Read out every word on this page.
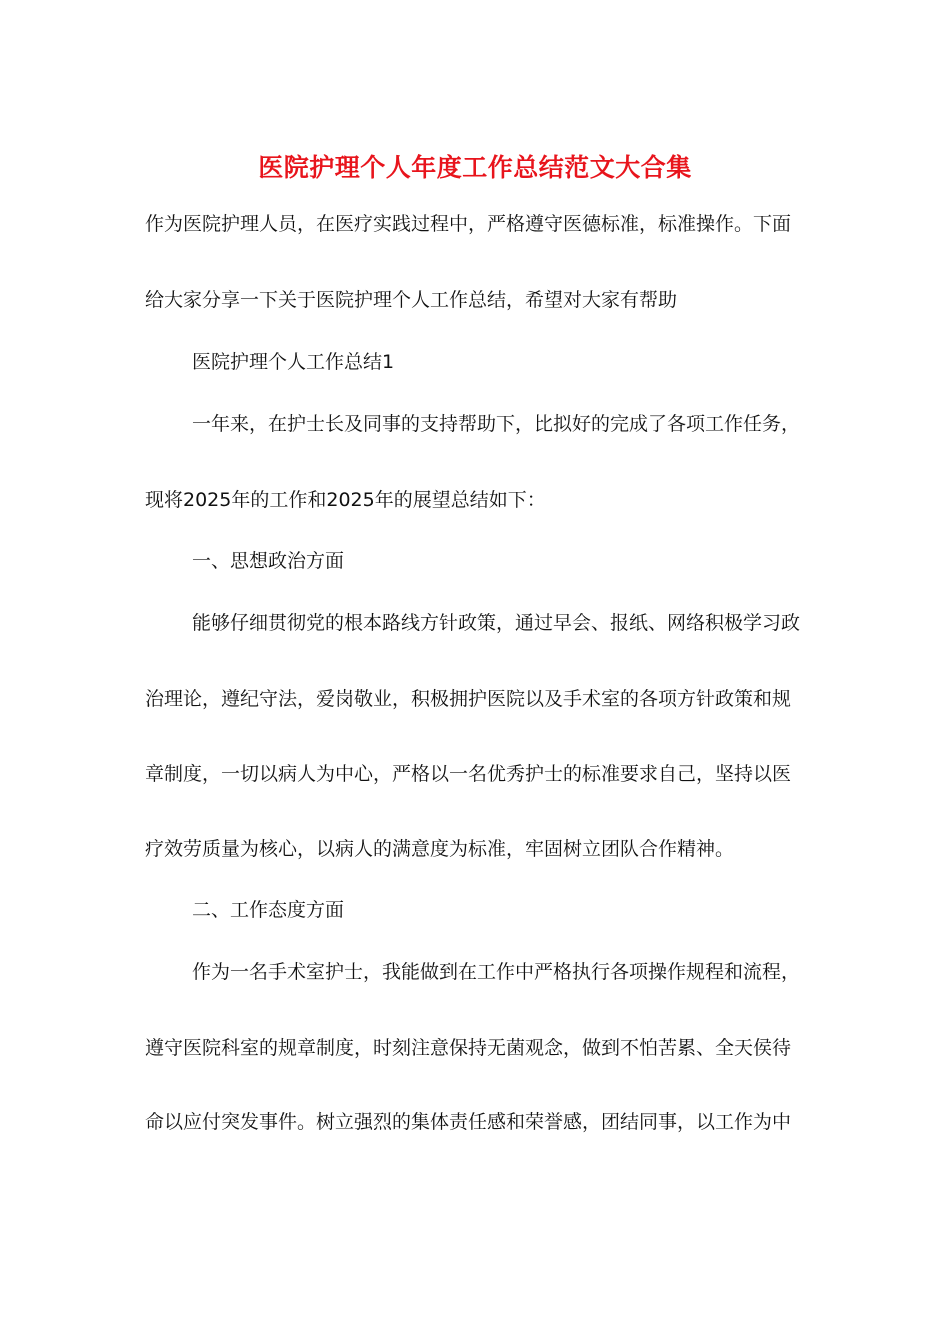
医院护理个人年度工作总结范文大合集
作为医院护理人员，在医疗实践过程中，严格遵守医德标准，标准操作。下面
给大家分享一下关于医院护理个人工作总结，希望对大家有帮助
医院护理个人工作总结1
一年来，在护士长及同事的支持帮助下，比拟好的完成了各项工作任务，
现将2025年的工作和2025年的展望总结如下：
一、思想政治方面
能够仔细贯彻党的根本路线方针政策，通过早会、报纸、网络积极学习政
治理论，遵纪守法，爱岗敬业，积极拥护医院以及手术室的各项方针政策和规
章制度，一切以病人为中心，严格以一名优秀护士的标准要求自己，坚持以医
疗效劳质量为核心，以病人的满意度为标准，牢固树立团队合作精神。
二、工作态度方面
作为一名手术室护士，我能做到在工作中严格执行各项操作规程和流程，
遵守医院科室的规章制度，时刻注意保持无菌观念，做到不怕苦累、全天侯待
命以应付突发事件。树立强烈的集体责任感和荣誉感，团结同事，以工作为中
